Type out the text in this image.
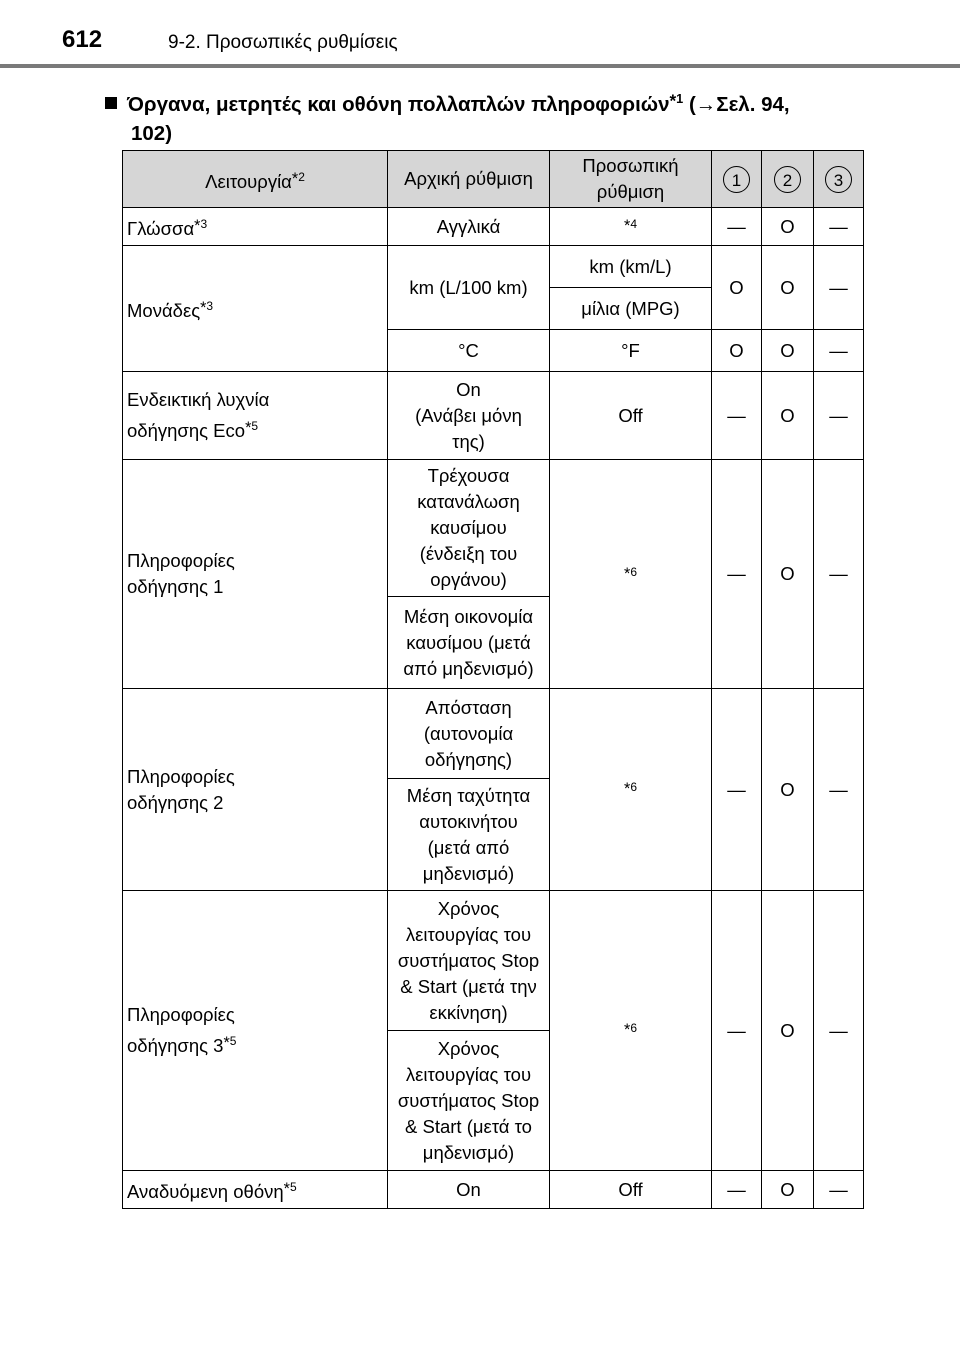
612	9-2. Προσωπικές ρυθμίσεις
Όργανα, μετρητές και οθόνη πολλαπλών πληροφοριών$^{*1}$ (→Σελ. 94,
102)
Λειτουργία$^{*2}$	Αρχική ρύθμιση	Προσωπική ρύθμιση	1	2	3
Γλώσσα$^{*3}$	Αγγλικά	$^{*4}$	—	O	—
Μονάδες$^{*3}$	km (L/100 km)	km (km/L)	O	O	—
		μίλια (MPG)			
	°C	°F	O	O	—
Ενδεικτική λυχνία
οδήγησης Eco$^{*5}$	On
(Ανάβει μόνη
της)	Off	—	O	—
Πληροφορίες
οδήγησης 1	Τρέχουσα
κατανάλωση
καυσίμου
(ένδειξη του
οργάνου)	$^{*6}$	—	O	—
	Μέση οικονομία
καυσίμου (μετά
από μηδενισμό)				
Πληροφορίες
οδήγησης 2	Απόσταση
(αυτονομία
οδήγησης)	$^{*6}$	—	O	—
	Μέση ταχύτητα
αυτοκινήτου
(μετά από
μηδενισμό)				
Πληροφορίες
οδήγησης 3$^{*5}$	Χρόνος
λειτουργίας του
συστήματος Stop
& Start (μετά την
εκκίνηση)	$^{*6}$	—	O	—
	Χρόνος
λειτουργίας του
συστήματος Stop
& Start (μετά το
μηδενισμό)				
Αναδυόμενη οθόνη$^{*5}$	On	Off	—	O	—
